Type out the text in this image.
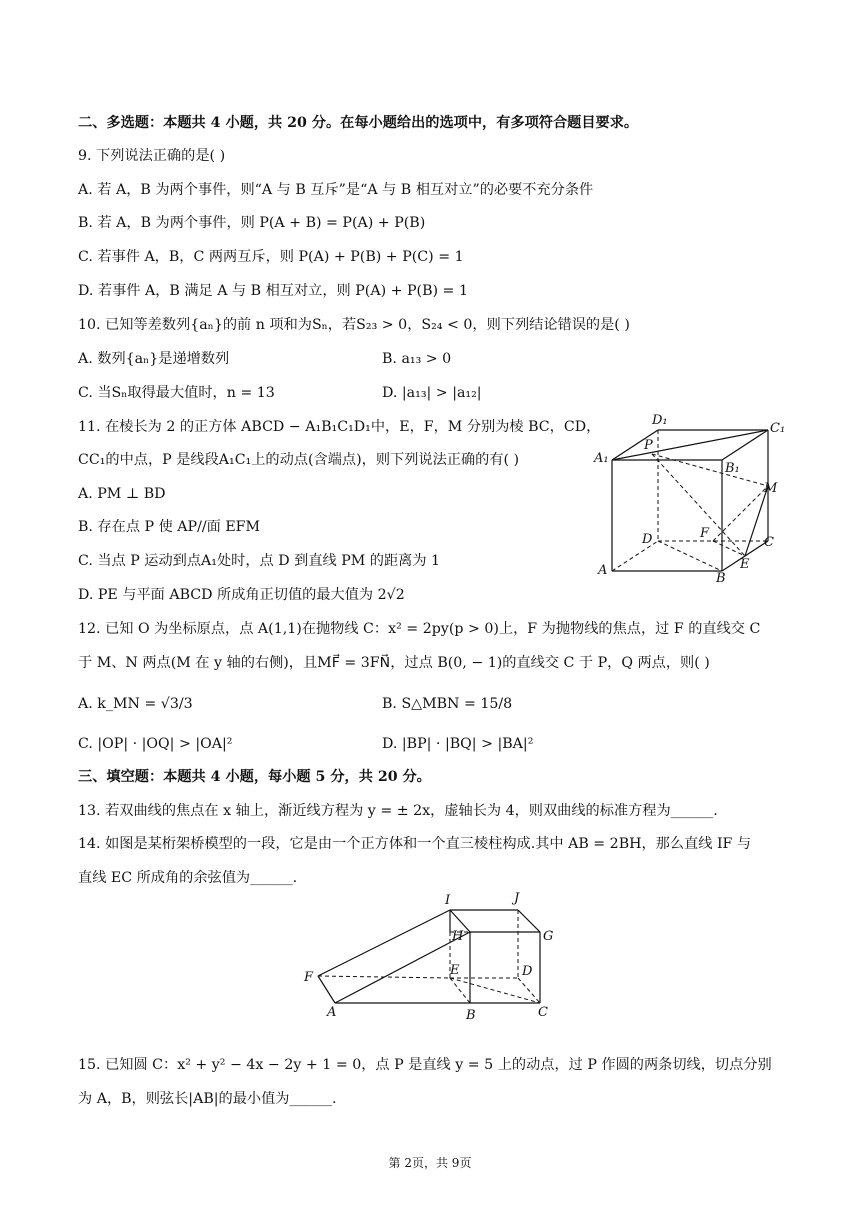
二、多选题：本题共 4 小题，共 20 分。在每小题给出的选项中，有多项符合题目要求。
9. 下列说法正确的是( )
A. 若 A，B 为两个事件，则“A 与 B 互斥”是“A 与 B 相互对立”的必要不充分条件
B. 若 A，B 为两个事件，则 P(A + B) = P(A) + P(B)
C. 若事件 A，B，C 两两互斥，则 P(A) + P(B) + P(C) = 1
D. 若事件 A，B 满足 A 与 B 相互对立，则 P(A) + P(B) = 1
10. 已知等差数列{aₙ}的前 n 项和为Sₙ，若S₂₃ > 0，S₂₄ < 0，则下列结论错误的是( )
A. 数列{aₙ}是递增数列	B. a₁₃ > 0
C. 当Sₙ取得最大值时，n = 13	D. |a₁₃| > |a₁₂|
11. 在棱长为 2 的正方体 ABCD − A₁B₁C₁D₁中，E，F，M 分别为棱 BC，CD，
CC₁的中点，P 是线段A₁C₁上的动点(含端点)，则下列说法正确的有( )
A. PM ⊥ BD
B. 存在点 P 使 AP//面 EFM
C. 当点 P 运动到点A₁处时，点 D 到直线 PM 的距离为 1
D. PE 与平面 ABCD 所成角正切值的最大值为 2√2
D₁
C₁
A₁
P
B₁
M
D	F
C
A	E
B
12. 已知 O 为坐标原点，点 A(1,1)在抛物线 C：x² = 2py(p > 0)上，F 为抛物线的焦点，过 F 的直线交 C
于 M、N 两点(M 在 y 轴的右侧)，且MF⃗ = 3FN⃗，过点 B(0, − 1)的直线交 C 于 P，Q 两点，则( )
A. k_MN = √3/3	B. S△MBN = 15/8
C. |OP| · |OQ| > |OA|²	D. |BP| · |BQ| > |BA|²
三、填空题：本题共 4 小题，每小题 5 分，共 20 分。
13. 若双曲线的焦点在 x 轴上，渐近线方程为 y = ± 2x，虚轴长为 4，则双曲线的标准方程为______.
14. 如图是某桁架桥模型的一段，它是由一个正方体和一个直三棱柱构成.其中 AB = 2BH，那么直线 IF 与
直线 EC 所成角的余弦值为______.
I	J
H	G
F	E	D
A	B	C
15. 已知圆 C：x² + y² − 4x − 2y + 1 = 0，点 P 是直线 y = 5 上的动点，过 P 作圆的两条切线，切点分别
为 A，B，则弦长|AB|的最小值为______.
第 2页，共 9页
